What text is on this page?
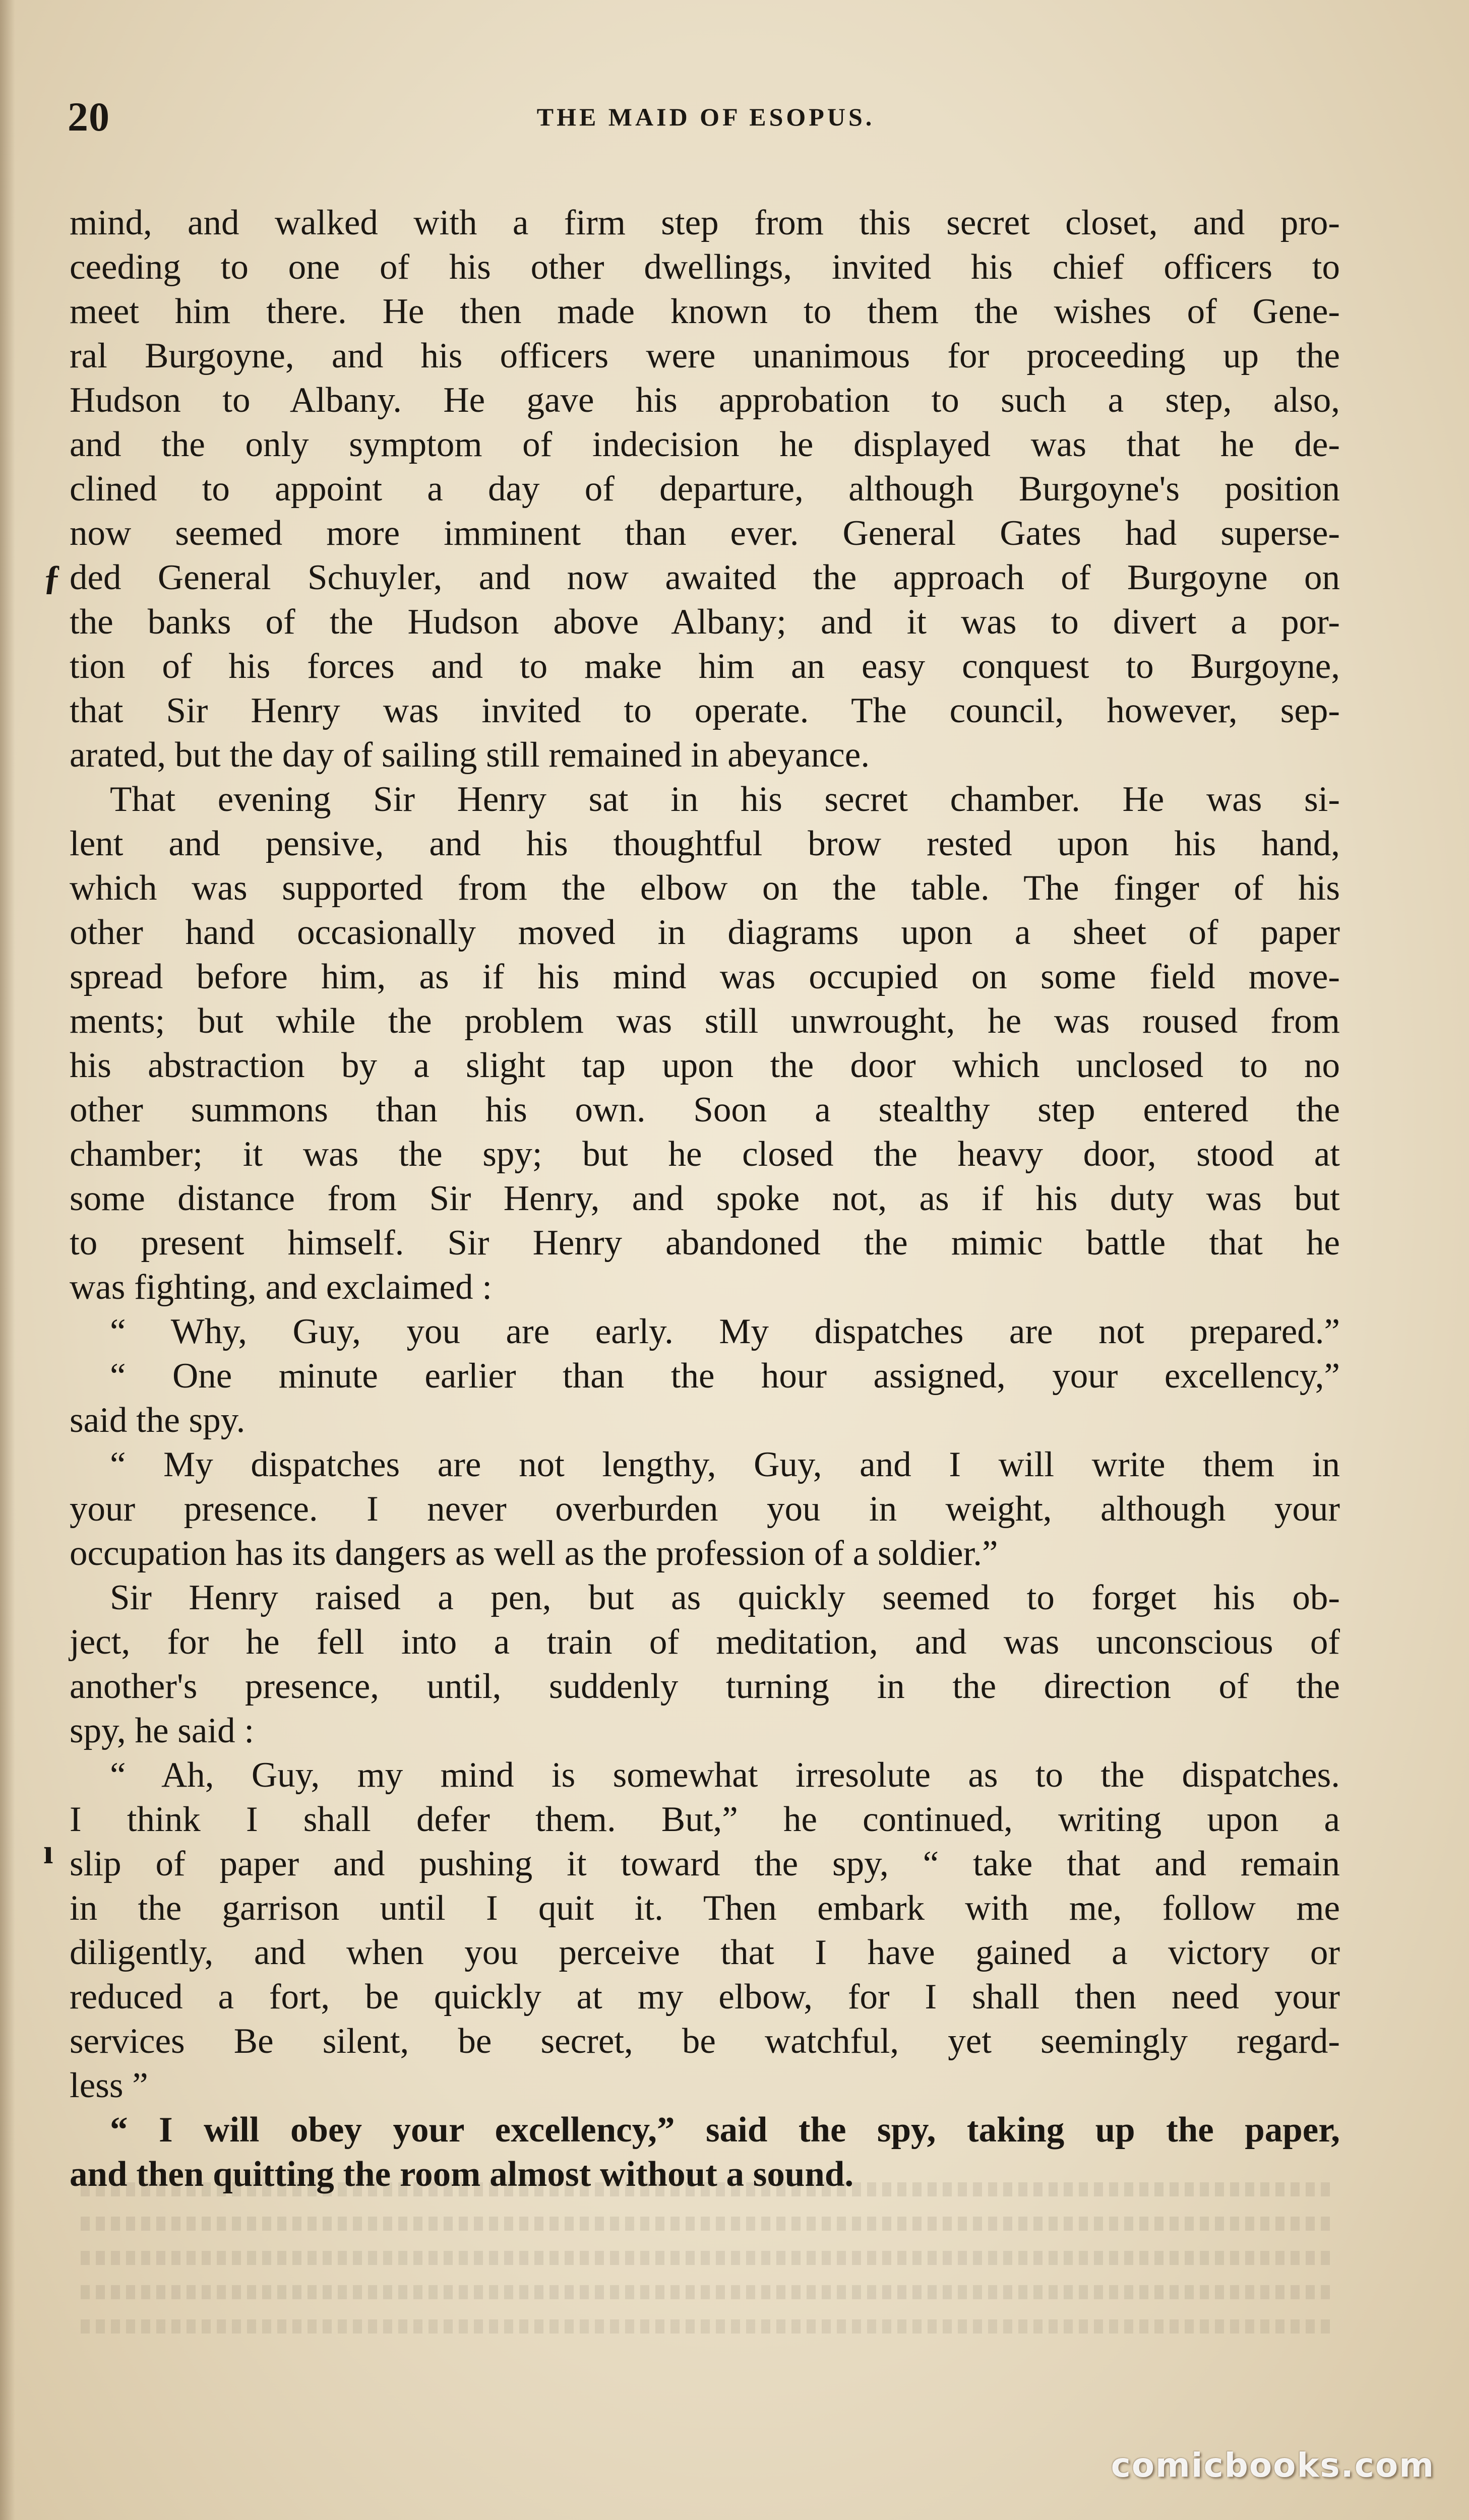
20	THE MAID OF ESOPUS.
ƒ
ı
mind, and walked with a firm step from this secret closet, and pro-
ceeding to one of his other dwellings, invited his chief officers to
meet him there. He then made known to them the wishes of Gene-
ral Burgoyne, and his officers were unanimous for proceeding up the
Hudson to Albany. He gave his approbation to such a step, also,
and the only symptom of indecision he displayed was that he de-
clined to appoint a day of departure, although Burgoyne's position
now seemed more imminent than ever. General Gates had superse-
ded General Schuyler, and now awaited the approach of Burgoyne on
the banks of the Hudson above Albany; and it was to divert a por-
tion of his forces and to make him an easy conquest to Burgoyne,
that Sir Henry was invited to operate. The council, however, sep-
arated, but the day of sailing still remained in abeyance.
That evening Sir Henry sat in his secret chamber. He was si-
lent and pensive, and his thoughtful brow rested upon his hand,
which was supported from the elbow on the table. The finger of his
other hand occasionally moved in diagrams upon a sheet of paper
spread before him, as if his mind was occupied on some field move-
ments; but while the problem was still unwrought, he was roused from
his abstraction by a slight tap upon the door which unclosed to no
other summons than his own. Soon a stealthy step entered the
chamber; it was the spy; but he closed the heavy door, stood at
some distance from Sir Henry, and spoke not, as if his duty was but
to present himself. Sir Henry abandoned the mimic battle that he
was fighting, and exclaimed :
“ Why, Guy, you are early. My dispatches are not prepared.”
“ One minute earlier than the hour assigned, your excellency,”
said the spy.
“ My dispatches are not lengthy, Guy, and I will write them in
your presence. I never overburden you in weight, although your
occupation has its dangers as well as the profession of a soldier.”
Sir Henry raised a pen, but as quickly seemed to forget his ob-
ject, for he fell into a train of meditation, and was unconscious of
another's presence, until, suddenly turning in the direction of the
spy, he said :
“ Ah, Guy, my mind is somewhat irresolute as to the dispatches.
I think I shall defer them. But,” he continued, writing upon a
slip of paper and pushing it toward the spy, “ take that and remain
in the garrison until I quit it. Then embark with me, follow me
diligently, and when you perceive that I have gained a victory or
reduced a fort, be quickly at my elbow, for I shall then need your
services Be silent, be secret, be watchful, yet seemingly regard-
less ”
“ I will obey your excellency,” said the spy, taking up the paper,
and then quitting the room almost without a sound.
comicbooks.com
